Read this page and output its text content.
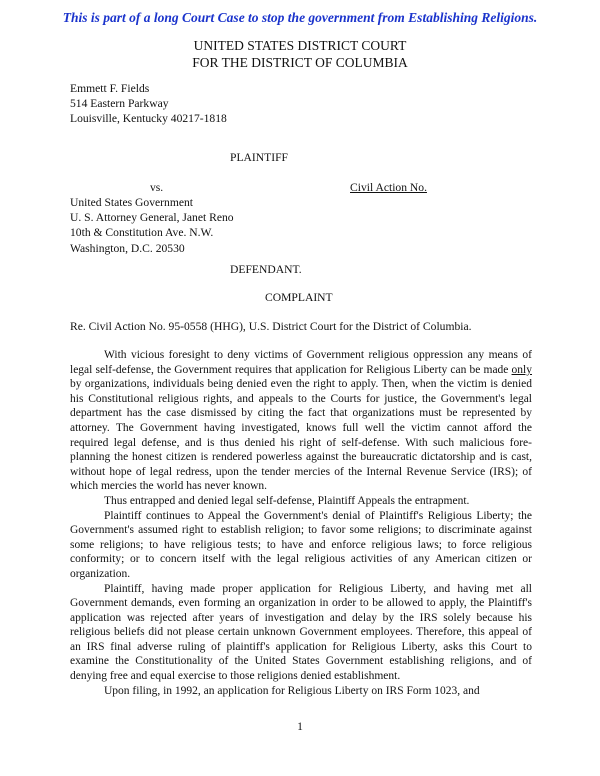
This is part of a long Court Case to stop the government from Establishing Religions.
UNITED STATES DISTRICT COURT
FOR THE DISTRICT OF COLUMBIA
Emmett F. Fields
514 Eastern Parkway
Louisville, Kentucky 40217-1818
PLAINTIFF
vs.	Civil Action No.
United States Government
U. S. Attorney General, Janet Reno
10th & Constitution Ave. N.W.
Washington, D.C. 20530
DEFENDANT.
COMPLAINT
Re. Civil Action No. 95-0558 (HHG), U.S. District Court for the District of Columbia.

With vicious foresight to deny victims of Government religious oppression any means of legal self-defense, the Government requires that application for Religious Liberty can be made only by organizations, individuals being denied even the right to apply. Then, when the victim is denied his Constitutional religious rights, and appeals to the Courts for justice, the Government's legal department has the case dismissed by citing the fact that organizations must be represented by attorney. The Government having investigated, knows full well the victim cannot afford the required legal defense, and is thus denied his right of self-defense. With such malicious fore-planning the honest citizen is rendered powerless against the bureaucratic dictatorship and is cast, without hope of legal redress, upon the tender mercies of the Internal Revenue Service (IRS); of which mercies the world has never known.

Thus entrapped and denied legal self-defense, Plaintiff Appeals the entrapment.

Plaintiff continues to Appeal the Government's denial of Plaintiff's Religious Liberty; the Government's assumed right to establish religion; to favor some religions; to discriminate against some religions; to have religious tests; to have and enforce religious laws; to force religious conformity; or to concern itself with the legal religious activities of any American citizen or organization.

Plaintiff, having made proper application for Religious Liberty, and having met all Government demands, even forming an organization in order to be allowed to apply, the Plaintiff's application was rejected after years of investigation and delay by the IRS solely because his religious beliefs did not please certain unknown Government employees. Therefore, this appeal of an IRS final adverse ruling of plaintiff's application for Religious Liberty, asks this Court to examine the Constitutionality of the United States Government establishing religions, and of denying free and equal exercise to those religions denied establishment.

Upon filing, in 1992, an application for Religious Liberty on IRS Form 1023, and

1
